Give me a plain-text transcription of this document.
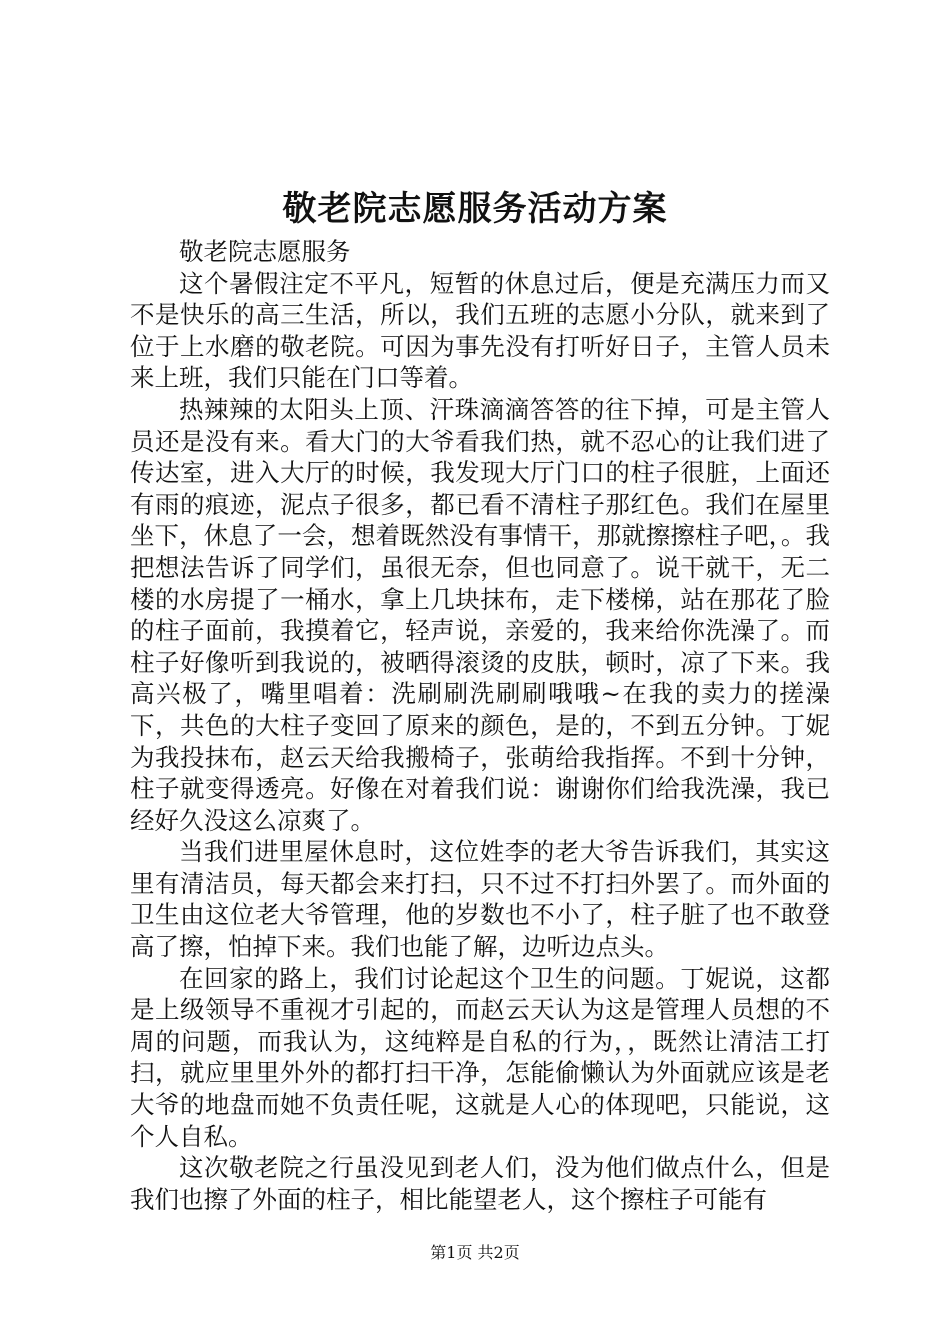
敬老院志愿服务活动方案

敬老院志愿服务

这个暑假注定不平凡，短暂的休息过后，便是充满压力而又不是快乐的高三生活，所以，我们五班的志愿小分队，就来到了位于上水磨的敬老院。可因为事先没有打听好日子，主管人员未来上班，我们只能在门口等着。

热辣辣的太阳头上顶、汗珠滴滴答答的往下掉，可是主管人员还是没有来。看大门的大爷看我们热，就不忍心的让我们进了传达室，进入大厅的时候，我发现大厅门口的柱子很脏，上面还有雨的痕迹，泥点子很多，都已看不清柱子那红色。我们在屋里坐下，休息了一会，想着既然没有事情干，那就擦擦柱子吧，。我把想法告诉了同学们，虽很无奈，但也同意了。说干就干，无二楼的水房提了一桶水，拿上几块抹布，走下楼梯，站在那花了脸的柱子面前，我摸着它，轻声说，亲爱的，我来给你洗澡了。而柱子好像听到我说的，被晒得滚烫的皮肤，顿时，凉了下来。我高兴极了，嘴里唱着：洗刷刷洗刷刷哦哦~在我的卖力的搓澡下，共色的大柱子变回了原来的颜色，是的，不到五分钟。丁妮为我投抹布，赵云天给我搬椅子，张萌给我指挥。不到十分钟，柱子就变得透亮。好像在对着我们说：谢谢你们给我洗澡，我已经好久没这么凉爽了。

当我们进里屋休息时，这位姓李的老大爷告诉我们，其实这里有清洁员，每天都会来打扫，只不过不打扫外罢了。而外面的卫生由这位老大爷管理，他的岁数也不小了，柱子脏了也不敢登高了擦，怕掉下来。我们也能了解，边听边点头。

在回家的路上，我们讨论起这个卫生的问题。丁妮说，这都是上级领导不重视才引起的，而赵云天认为这是管理人员想的不周的问题，而我认为，这纯粹是自私的行为，，既然让清洁工打扫，就应里里外外的都打扫干净，怎能偷懒认为外面就应该是老大爷的地盘而她不负责任呢，这就是人心的体现吧，只能说，这个人自私。

这次敬老院之行虽没见到老人们，没为他们做点什么，但是我们也擦了外面的柱子，相比能望老人，这个擦柱子可能有

第1页 共2页
